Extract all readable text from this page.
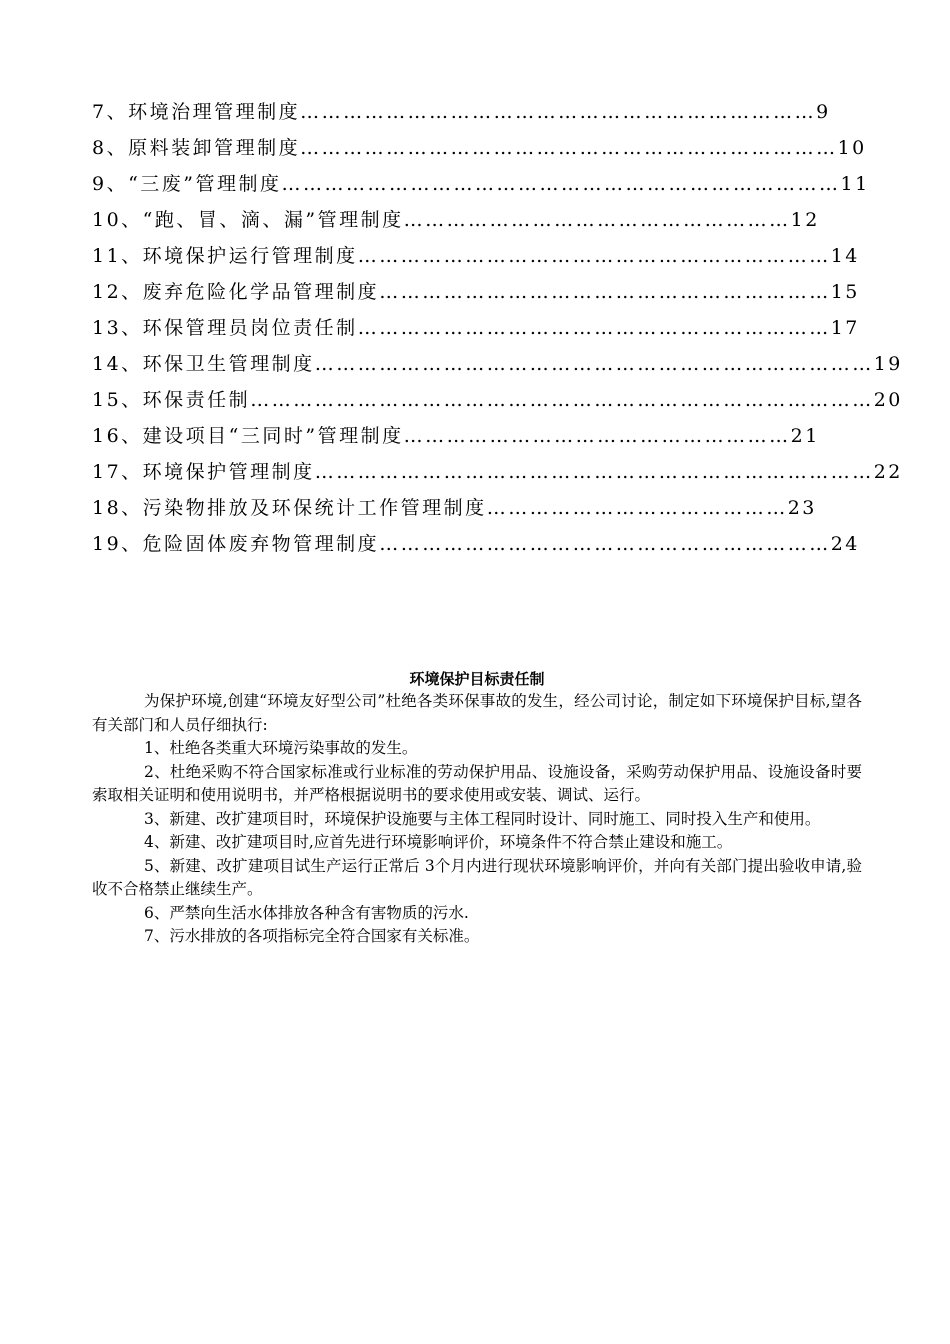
7、环境治理管理制度 ……………………………………………………………… 9
8、原料装卸管理制度 ………………………………………………………………… 10
9、“三废”管理制度 …………………………………………………………………… 11
10、“跑、冒、滴、漏”管理制度 ……………………………………………… 12
11、环境保护运行管理制度 ………………………………………………………… 14
12、废弃危险化学品管理制度 ……………………………………………………… 15
13、环保管理员岗位责任制 ………………………………………………………… 17
14、环保卫生管理制度 …………………………………………………………………… 19
15、环保责任制 …………………………………………………………………………… 20
16、建设项目“三同时”管理制度 ……………………………………………… 21
17、环境保护管理制度 …………………………………………………………………… 22
18、污染物排放及环保统计工作管理制度 …………………………………… 23
19、危险固体废弃物管理制度 ……………………………………………………… 24
环境保护目标责任制

为保护环境,创建“环境友好型公司”杜绝各类环保事故的发生，经公司讨论，制定如下环境保护目标,望各有关部门和人员仔细执行:

1、杜绝各类重大环境污染事故的发生。

2、杜绝采购不符合国家标准或行业标准的劳动保护用品、设施设备，采购劳动保护用品、设施设备时要索取相关证明和使用说明书，并严格根据说明书的要求使用或安装、调试、运行。

3、新建、改扩建项目时，环境保护设施要与主体工程同时设计、同时施工、同时投入生产和使用。

4、新建、改扩建项目时,应首先进行环境影响评价，环境条件不符合禁止建设和施工。

5、新建、改扩建项目试生产运行正常后 3个月内进行现状环境影响评价，并向有关部门提出验收申请,验收不合格禁止继续生产。

6、严禁向生活水体排放各种含有害物质的污水.

7、污水排放的各项指标完全符合国家有关标准。
